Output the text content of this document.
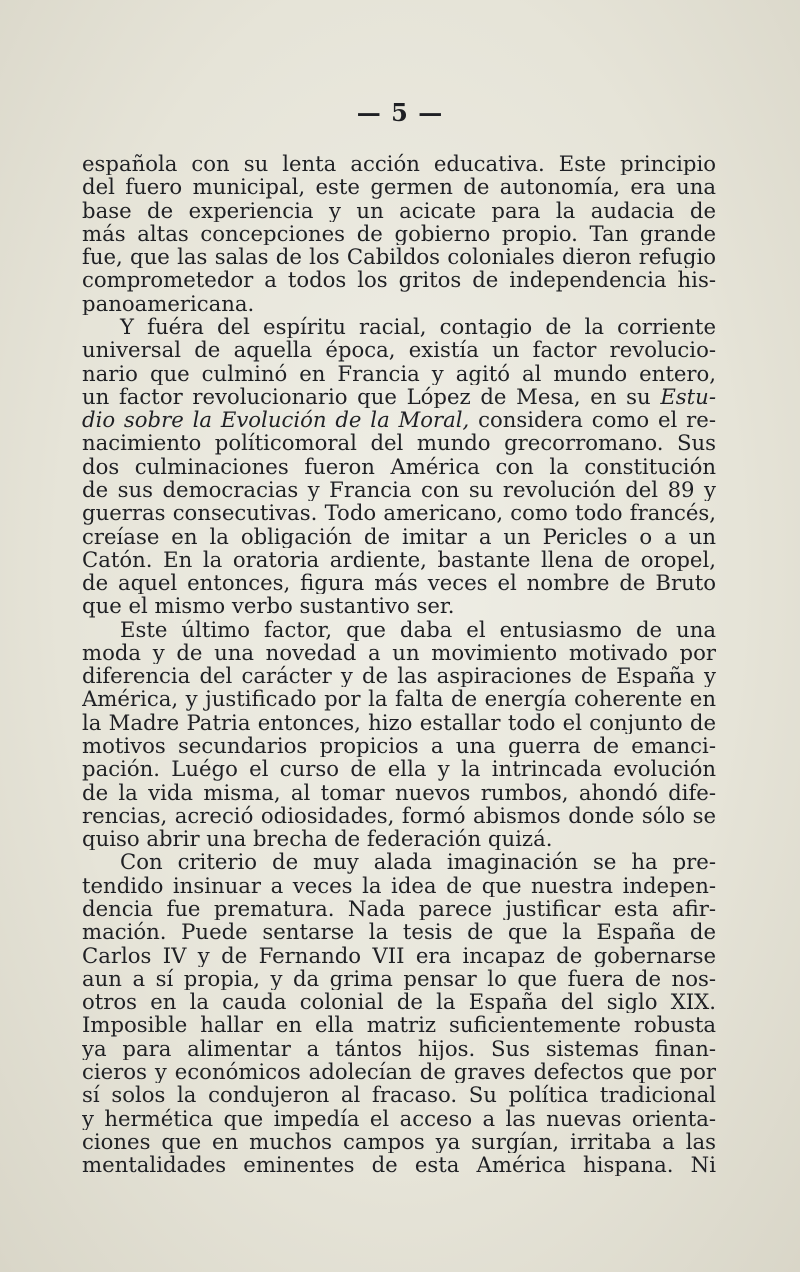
— 5 —
española con su lenta acción educativa. Este principio
del fuero municipal, este germen de autonomía, era una
base de experiencia y un acicate para la audacia de
más altas concepciones de gobierno propio. Tan grande
fue, que las salas de los Cabildos coloniales dieron refugio
comprometedor a todos los gritos de independencia his-
panoamericana.
Y fuéra del espíritu racial, contagio de la corriente
universal de aquella época, existía un factor revolucio-
nario que culminó en Francia y agitó al mundo entero,
un factor revolucionario que López de Mesa, en su Estu-
dio sobre la Evolución de la Moral, considera como el re-
nacimiento políticomoral del mundo grecorromano. Sus
dos culminaciones fueron América con la constitución
de sus democracias y Francia con su revolución del 89 y
guerras consecutivas. Todo americano, como todo francés,
creíase en la obligación de imitar a un Pericles o a un
Catón. En la oratoria ardiente, bastante llena de oropel,
de aquel entonces, figura más veces el nombre de Bruto
que el mismo verbo sustantivo ser.
Este último factor, que daba el entusiasmo de una
moda y de una novedad a un movimiento motivado por
diferencia del carácter y de las aspiraciones de España y
América, y justificado por la falta de energía coherente en
la Madre Patria entonces, hizo estallar todo el conjunto de
motivos secundarios propicios a una guerra de emanci-
pación. Luégo el curso de ella y la intrincada evolución
de la vida misma, al tomar nuevos rumbos, ahondó dife-
rencias, acreció odiosidades, formó abismos donde sólo se
quiso abrir una brecha de federación quizá.
Con criterio de muy alada imaginación se ha pre-
tendido insinuar a veces la idea de que nuestra indepen-
dencia fue prematura. Nada parece justificar esta afir-
mación. Puede sentarse la tesis de que la España de
Carlos IV y de Fernando VII era incapaz de gobernarse
aun a sí propia, y da grima pensar lo que fuera de nos-
otros en la cauda colonial de la España del siglo XIX.
Imposible hallar en ella matriz suficientemente robusta
ya para alimentar a tántos hijos. Sus sistemas finan-
cieros y económicos adolecían de graves defectos que por
sí solos la condujeron al fracaso. Su política tradicional
y hermética que impedía el acceso a las nuevas orienta-
ciones que en muchos campos ya surgían, irritaba a las
mentalidades eminentes de esta América hispana. Ni
